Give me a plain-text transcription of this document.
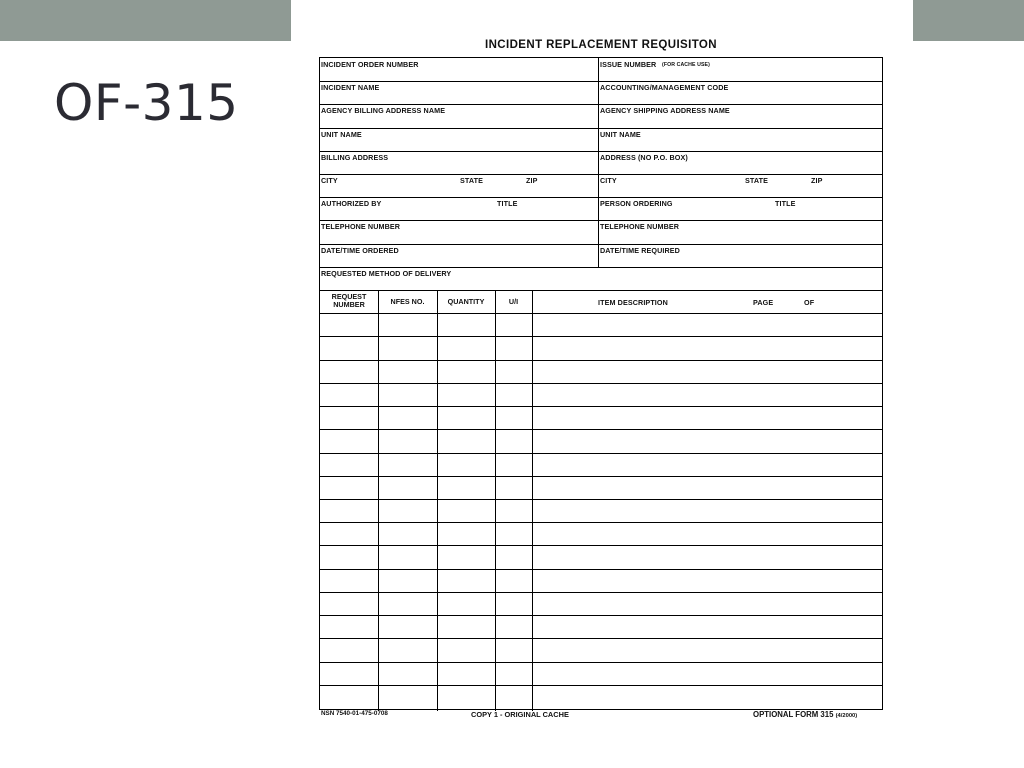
OF-315
INCIDENT REPLACEMENT REQUISITON
INCIDENT ORDER NUMBER	ISSUE NUMBER (FOR CACHE USE)
INCIDENT NAME	ACCOUNTING/MANAGEMENT CODE
AGENCY BILLING ADDRESS NAME	AGENCY SHIPPING ADDRESS NAME
UNIT NAME	UNIT NAME
BILLING ADDRESS	ADDRESS (NO P.O. BOX)
CITY	STATE	ZIP	CITY	STATE	ZIP
AUTHORIZED BY	TITLE	PERSON ORDERING	TITLE
TELEPHONE NUMBER	TELEPHONE NUMBER
DATE/TIME ORDERED	DATE/TIME REQUIRED
REQUESTED METHOD OF DELIVERY
REQUEST
NUMBER	NFES NO.	QUANTITY	U/I	ITEM DESCRIPTION	PAGE	OF
NSN 7540-01-475-0708	COPY 1 - ORIGINAL CACHE	OPTIONAL FORM 315 (4/2000)
